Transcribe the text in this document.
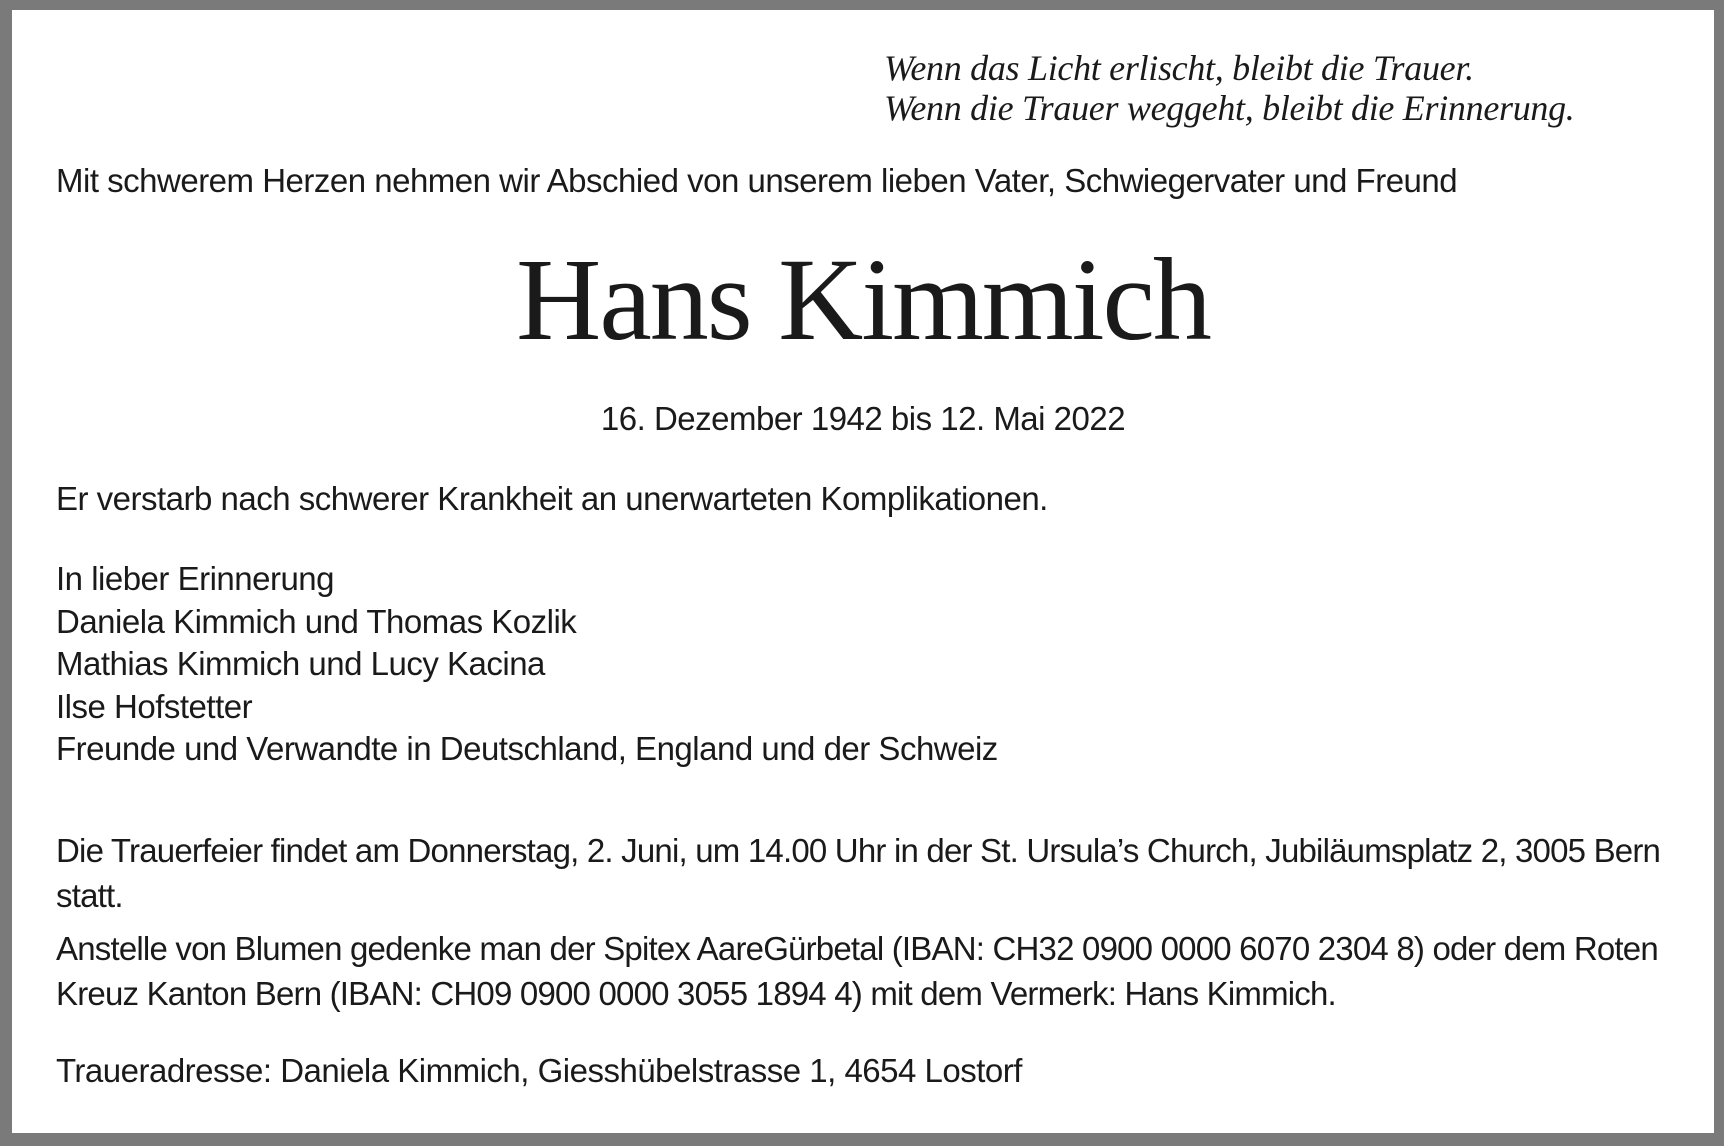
Wenn das Licht erlischt, bleibt die Trauer.
Wenn die Trauer weggeht, bleibt die Erinnerung.
Mit schwerem Herzen nehmen wir Abschied von unserem lieben Vater, Schwiegervater und Freund
Hans Kimmich
16. Dezember 1942 bis 12. Mai 2022
Er verstarb nach schwerer Krankheit an unerwarteten Komplikationen.
In lieber Erinnerung
Daniela Kimmich und Thomas Kozlik
Mathias Kimmich und Lucy Kacina
Ilse Hofstetter
Freunde und Verwandte in Deutschland, England und der Schweiz
Die Trauerfeier findet am Donnerstag, 2. Juni, um 14.00 Uhr in der St. Ursula’s Church, Jubiläumsplatz 2, 3005 Bern statt.
Anstelle von Blumen gedenke man der Spitex AareGürbetal (IBAN: CH32 0900 0000 6070 2304 8) oder dem Roten Kreuz Kanton Bern (IBAN: CH09 0900 0000 3055 1894 4) mit dem Vermerk: Hans Kimmich.
Traueradresse: Daniela Kimmich, Giesshübelstrasse 1, 4654 Lostorf
